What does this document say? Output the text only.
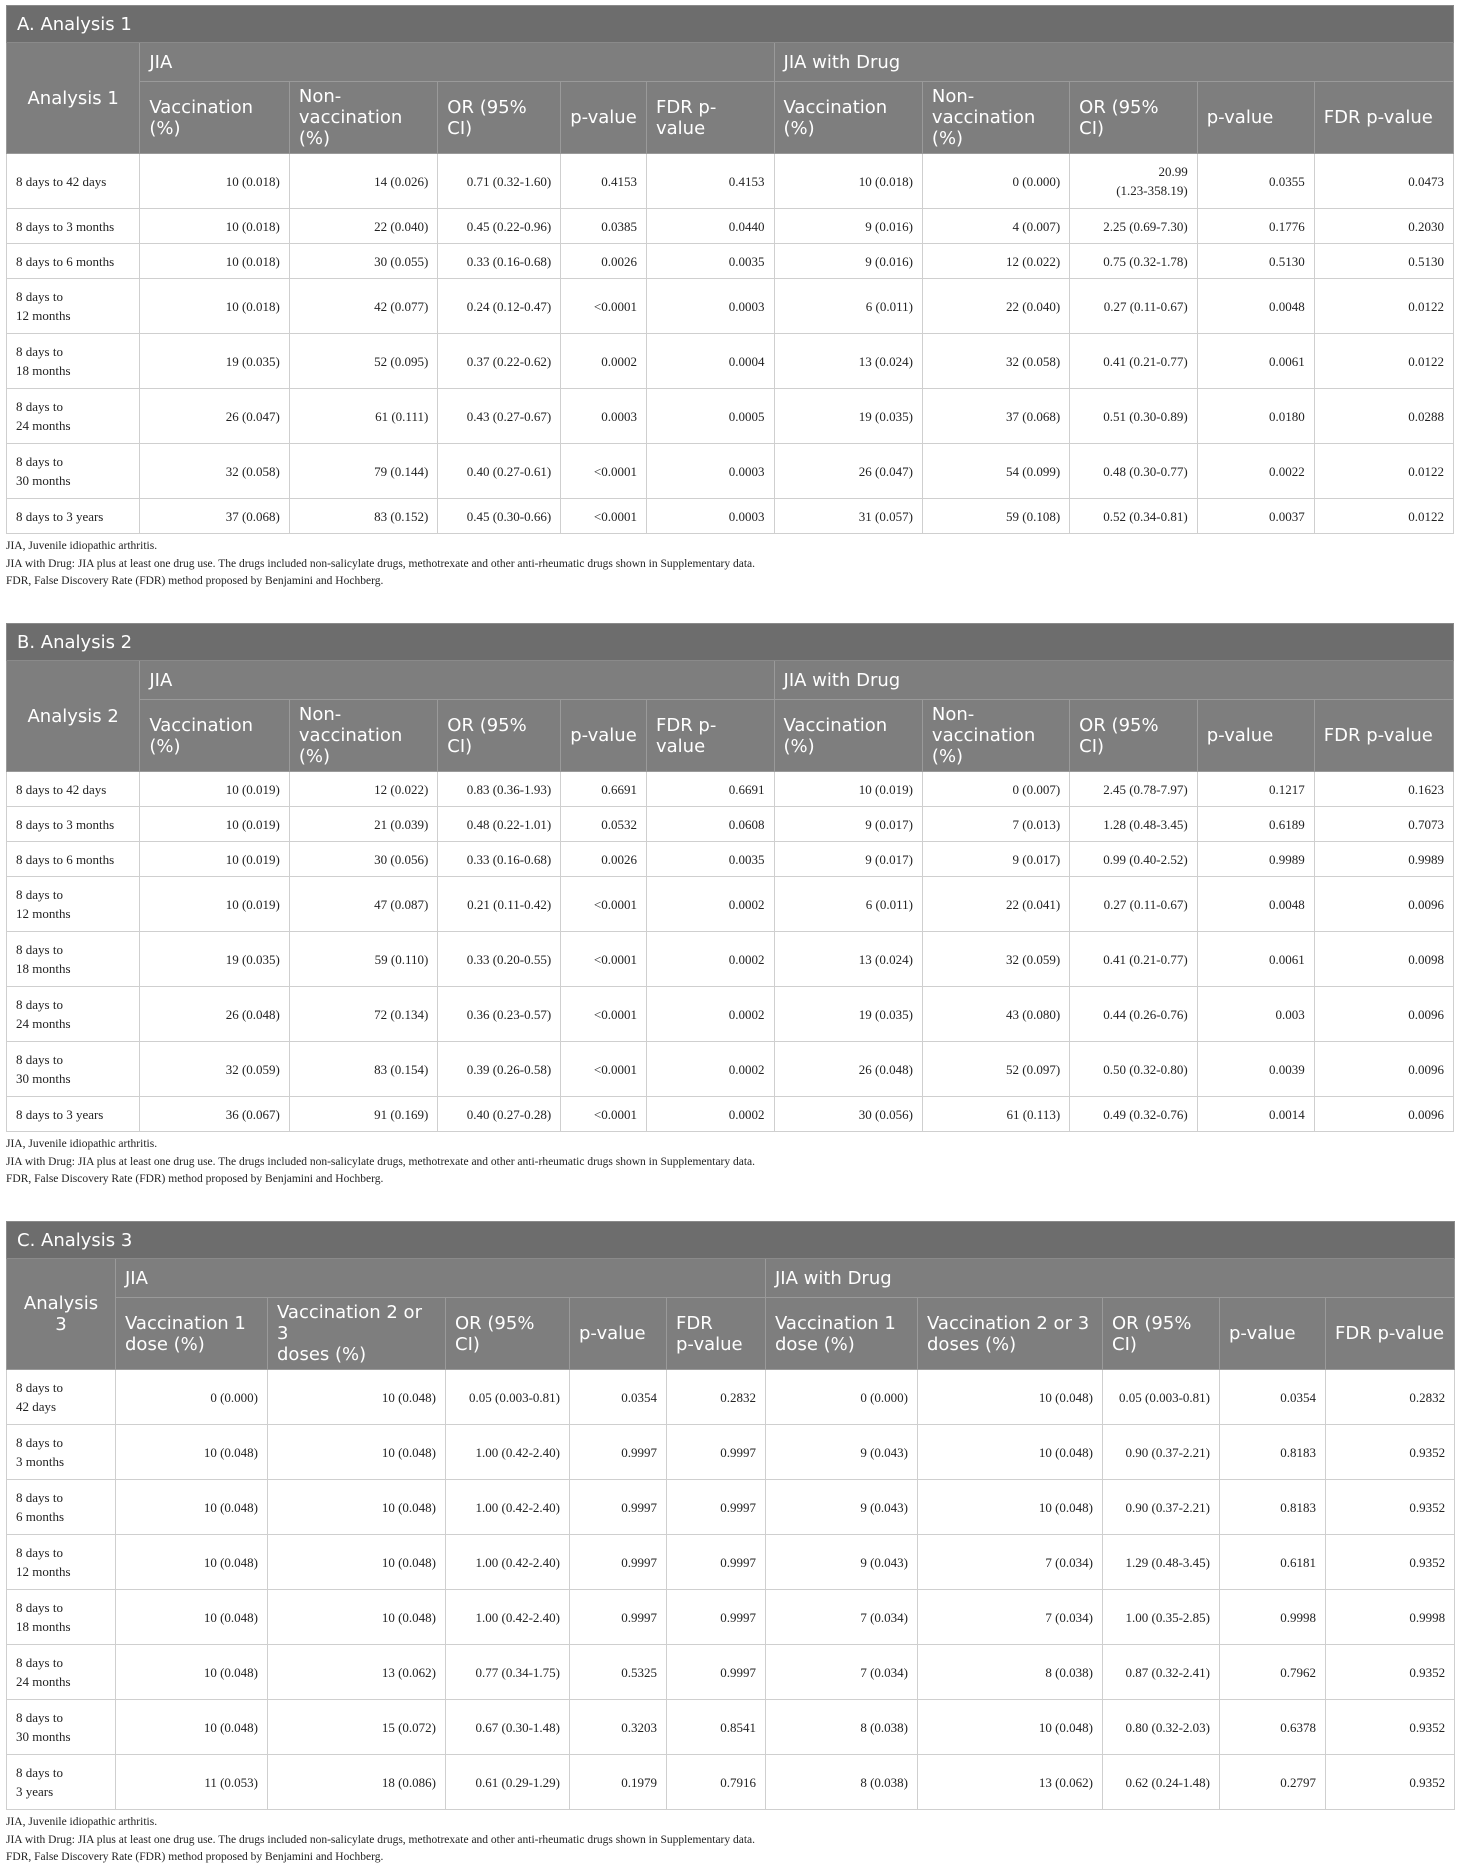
A. Analysis 1										
Analysis 1	JIA					JIA with Drug				
	Vaccination (%)	Non-
vaccination (%)	OR (95% CI)	p-value	FDR p-value	Vaccination (%)	Non-
vaccination (%)	OR (95% CI)	p-value	FDR p-value
8 days to 42 days	10 (0.018)	14 (0.026)	0.71 (0.32-1.60)	0.4153	0.4153	10 (0.018)	0 (0.000)	20.99
(1.23-358.19)	0.0355	0.0473
8 days to 3 months	10 (0.018)	22 (0.040)	0.45 (0.22-0.96)	0.0385	0.0440	9 (0.016)	4 (0.007)	2.25 (0.69-7.30)	0.1776	0.2030
8 days to 6 months	10 (0.018)	30 (0.055)	0.33 (0.16-0.68)	0.0026	0.0035	9 (0.016)	12 (0.022)	0.75 (0.32-1.78)	0.5130	0.5130
8 days to
12 months	10 (0.018)	42 (0.077)	0.24 (0.12-0.47)	<0.0001	0.0003	6 (0.011)	22 (0.040)	0.27 (0.11-0.67)	0.0048	0.0122
8 days to
18 months	19 (0.035)	52 (0.095)	0.37 (0.22-0.62)	0.0002	0.0004	13 (0.024)	32 (0.058)	0.41 (0.21-0.77)	0.0061	0.0122
8 days to
24 months	26 (0.047)	61 (0.111)	0.43 (0.27-0.67)	0.0003	0.0005	19 (0.035)	37 (0.068)	0.51 (0.30-0.89)	0.0180	0.0288
8 days to
30 months	32 (0.058)	79 (0.144)	0.40 (0.27-0.61)	<0.0001	0.0003	26 (0.047)	54 (0.099)	0.48 (0.30-0.77)	0.0022	0.0122
8 days to 3 years	37 (0.068)	83 (0.152)	0.45 (0.30-0.66)	<0.0001	0.0003	31 (0.057)	59 (0.108)	0.52 (0.34-0.81)	0.0037	0.0122
JIA, Juvenile idiopathic arthritis.
JIA with Drug: JIA plus at least one drug use. The drugs included non-salicylate drugs, methotrexate and other anti-rheumatic drugs shown in Supplementary data.
FDR, False Discovery Rate (FDR) method proposed by Benjamini and Hochberg.
B. Analysis 2										
Analysis 2	JIA					JIA with Drug				
	Vaccination (%)	Non-
vaccination (%)	OR (95% CI)	p-value	FDR p-value	Vaccination (%)	Non-
vaccination (%)	OR (95% CI)	p-value	FDR p-value
8 days to 42 days	10 (0.019)	12 (0.022)	0.83 (0.36-1.93)	0.6691	0.6691	10 (0.019)	0 (0.007)	2.45 (0.78-7.97)	0.1217	0.1623
8 days to 3 months	10 (0.019)	21 (0.039)	0.48 (0.22-1.01)	0.0532	0.0608	9 (0.017)	7 (0.013)	1.28 (0.48-3.45)	0.6189	0.7073
8 days to 6 months	10 (0.019)	30 (0.056)	0.33 (0.16-0.68)	0.0026	0.0035	9 (0.017)	9 (0.017)	0.99 (0.40-2.52)	0.9989	0.9989
8 days to
12 months	10 (0.019)	47 (0.087)	0.21 (0.11-0.42)	<0.0001	0.0002	6 (0.011)	22 (0.041)	0.27 (0.11-0.67)	0.0048	0.0096
8 days to
18 months	19 (0.035)	59 (0.110)	0.33 (0.20-0.55)	<0.0001	0.0002	13 (0.024)	32 (0.059)	0.41 (0.21-0.77)	0.0061	0.0098
8 days to
24 months	26 (0.048)	72 (0.134)	0.36 (0.23-0.57)	<0.0001	0.0002	19 (0.035)	43 (0.080)	0.44 (0.26-0.76)	0.003	0.0096
8 days to
30 months	32 (0.059)	83 (0.154)	0.39 (0.26-0.58)	<0.0001	0.0002	26 (0.048)	52 (0.097)	0.50 (0.32-0.80)	0.0039	0.0096
8 days to 3 years	36 (0.067)	91 (0.169)	0.40 (0.27-0.28)	<0.0001	0.0002	30 (0.056)	61 (0.113)	0.49 (0.32-0.76)	0.0014	0.0096
JIA, Juvenile idiopathic arthritis.
JIA with Drug: JIA plus at least one drug use. The drugs included non-salicylate drugs, methotrexate and other anti-rheumatic drugs shown in Supplementary data.
FDR, False Discovery Rate (FDR) method proposed by Benjamini and Hochberg.
C. Analysis 3										
Analysis 3	JIA					JIA with Drug				
	Vaccination 1
dose (%)	Vaccination 2 or 3
doses (%)	OR (95% CI)	p-value	FDR
p-value	Vaccination 1
dose (%)	Vaccination 2 or 3
doses (%)	OR (95% CI)	p-value	FDR p-value
8 days to
42 days	0 (0.000)	10 (0.048)	0.05 (0.003-0.81)	0.0354	0.2832	0 (0.000)	10 (0.048)	0.05 (0.003-0.81)	0.0354	0.2832
8 days to
3 months	10 (0.048)	10 (0.048)	1.00 (0.42-2.40)	0.9997	0.9997	9 (0.043)	10 (0.048)	0.90 (0.37-2.21)	0.8183	0.9352
8 days to
6 months	10 (0.048)	10 (0.048)	1.00 (0.42-2.40)	0.9997	0.9997	9 (0.043)	10 (0.048)	0.90 (0.37-2.21)	0.8183	0.9352
8 days to
12 months	10 (0.048)	10 (0.048)	1.00 (0.42-2.40)	0.9997	0.9997	9 (0.043)	7 (0.034)	1.29 (0.48-3.45)	0.6181	0.9352
8 days to
18 months	10 (0.048)	10 (0.048)	1.00 (0.42-2.40)	0.9997	0.9997	7 (0.034)	7 (0.034)	1.00 (0.35-2.85)	0.9998	0.9998
8 days to
24 months	10 (0.048)	13 (0.062)	0.77 (0.34-1.75)	0.5325	0.9997	7 (0.034)	8 (0.038)	0.87 (0.32-2.41)	0.7962	0.9352
8 days to
30 months	10 (0.048)	15 (0.072)	0.67 (0.30-1.48)	0.3203	0.8541	8 (0.038)	10 (0.048)	0.80 (0.32-2.03)	0.6378	0.9352
8 days to
3 years	11 (0.053)	18 (0.086)	0.61 (0.29-1.29)	0.1979	0.7916	8 (0.038)	13 (0.062)	0.62 (0.24-1.48)	0.2797	0.9352
JIA, Juvenile idiopathic arthritis.
JIA with Drug: JIA plus at least one drug use. The drugs included non-salicylate drugs, methotrexate and other anti-rheumatic drugs shown in Supplementary data.
FDR, False Discovery Rate (FDR) method proposed by Benjamini and Hochberg.
